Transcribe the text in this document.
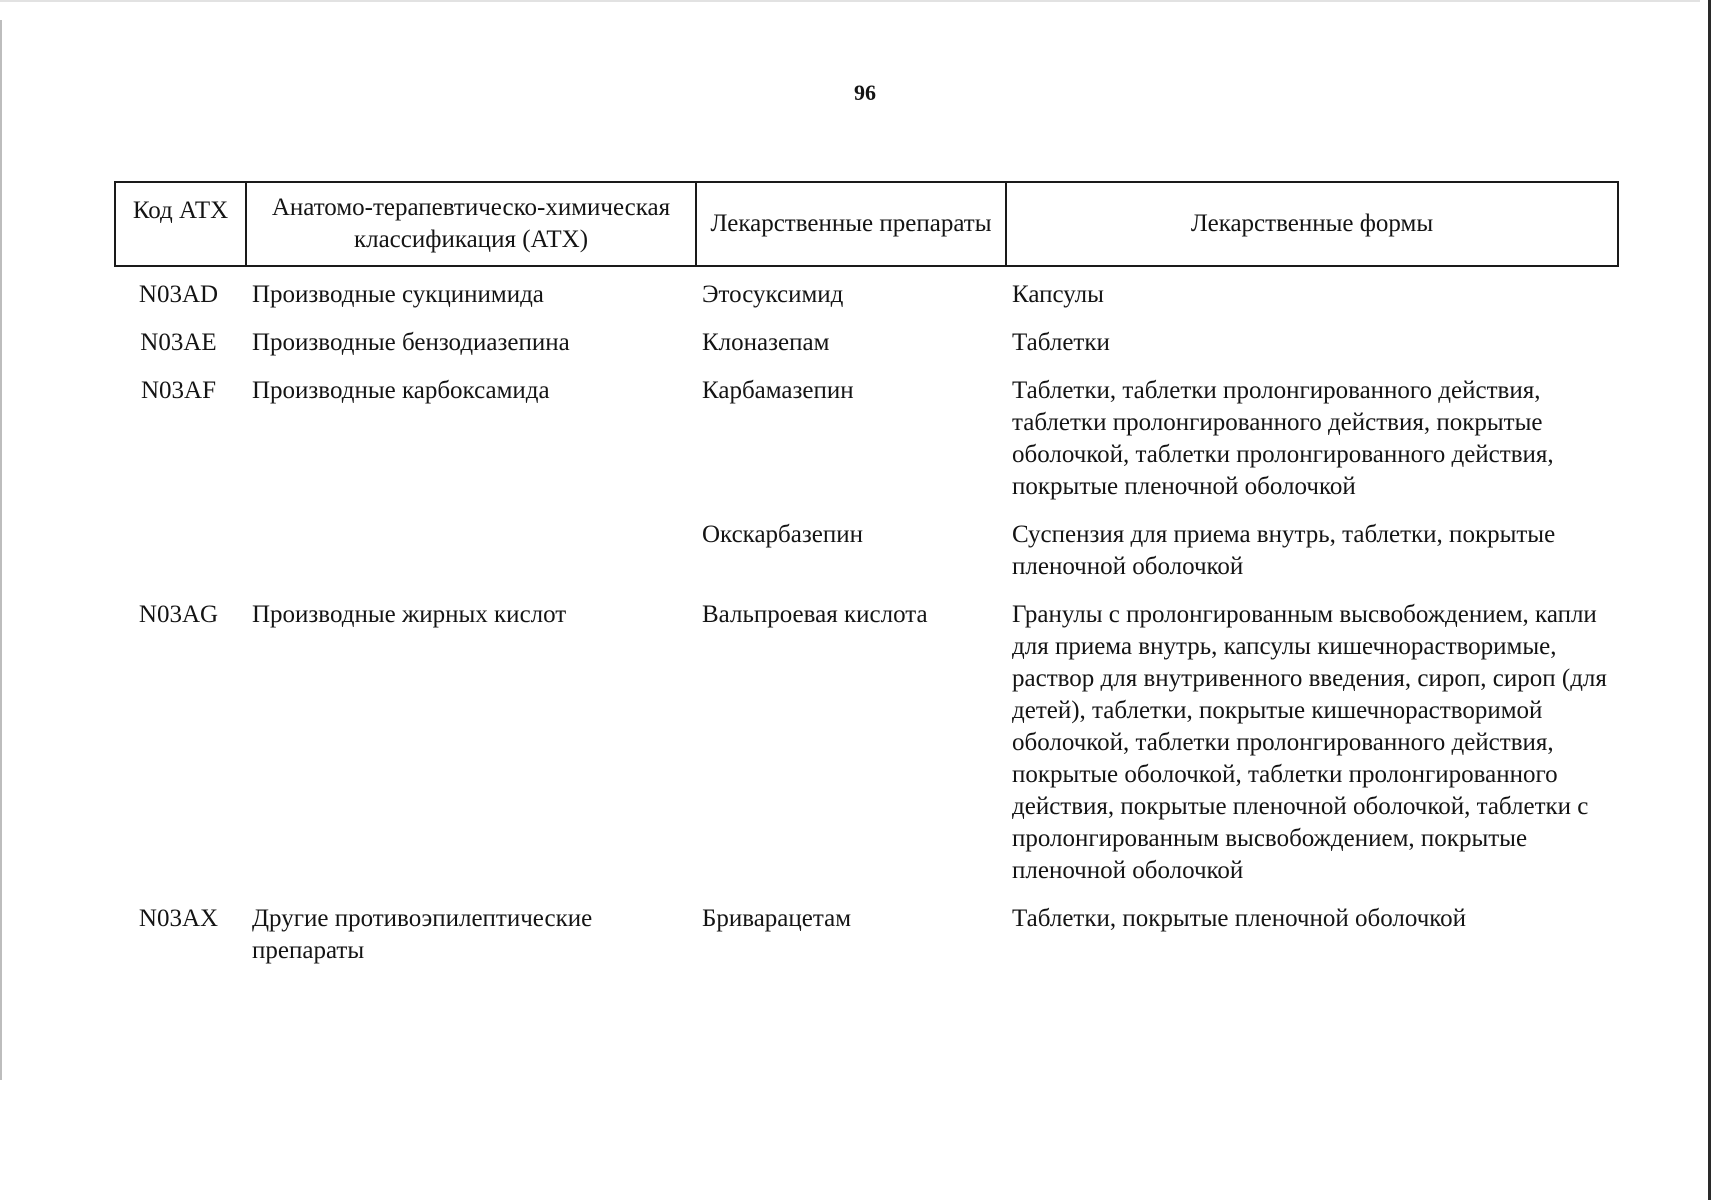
96
Код АТХ	Анатомо-терапевтическо-химическая классификация (АТХ)	Лекарственные препараты	Лекарственные формы
N03AD	Производные сукцинимида	Этосуксимид	Капсулы
N03AE	Производные бензодиазепина	Клоназепам	Таблетки
N03AF	Производные карбоксамида	Карбамазепин	Таблетки, таблетки пролонгированного действия, таблетки пролонгированного действия, покрытые оболочкой, таблетки пролонгированного действия, покрытые пленочной оболочкой
		Окскарбазепин	Суспензия для приема внутрь, таблетки, покрытые пленочной оболочкой
N03AG	Производные жирных кислот	Вальпроевая кислота	Гранулы с пролонгированным высвобождением, капли для приема внутрь, капсулы кишечнорастворимые, раствор для внутривенного введения, сироп, сироп (для детей), таблетки, покрытые кишечнорастворимой оболочкой, таблетки пролонгированного действия, покрытые оболочкой, таблетки пролонгированного действия, покрытые пленочной оболочкой, таблетки с пролонгированным высвобождением, покрытые пленочной оболочкой
N03AX	Другие противоэпилептические препараты	Бриварацетам	Таблетки, покрытые пленочной оболочкой
